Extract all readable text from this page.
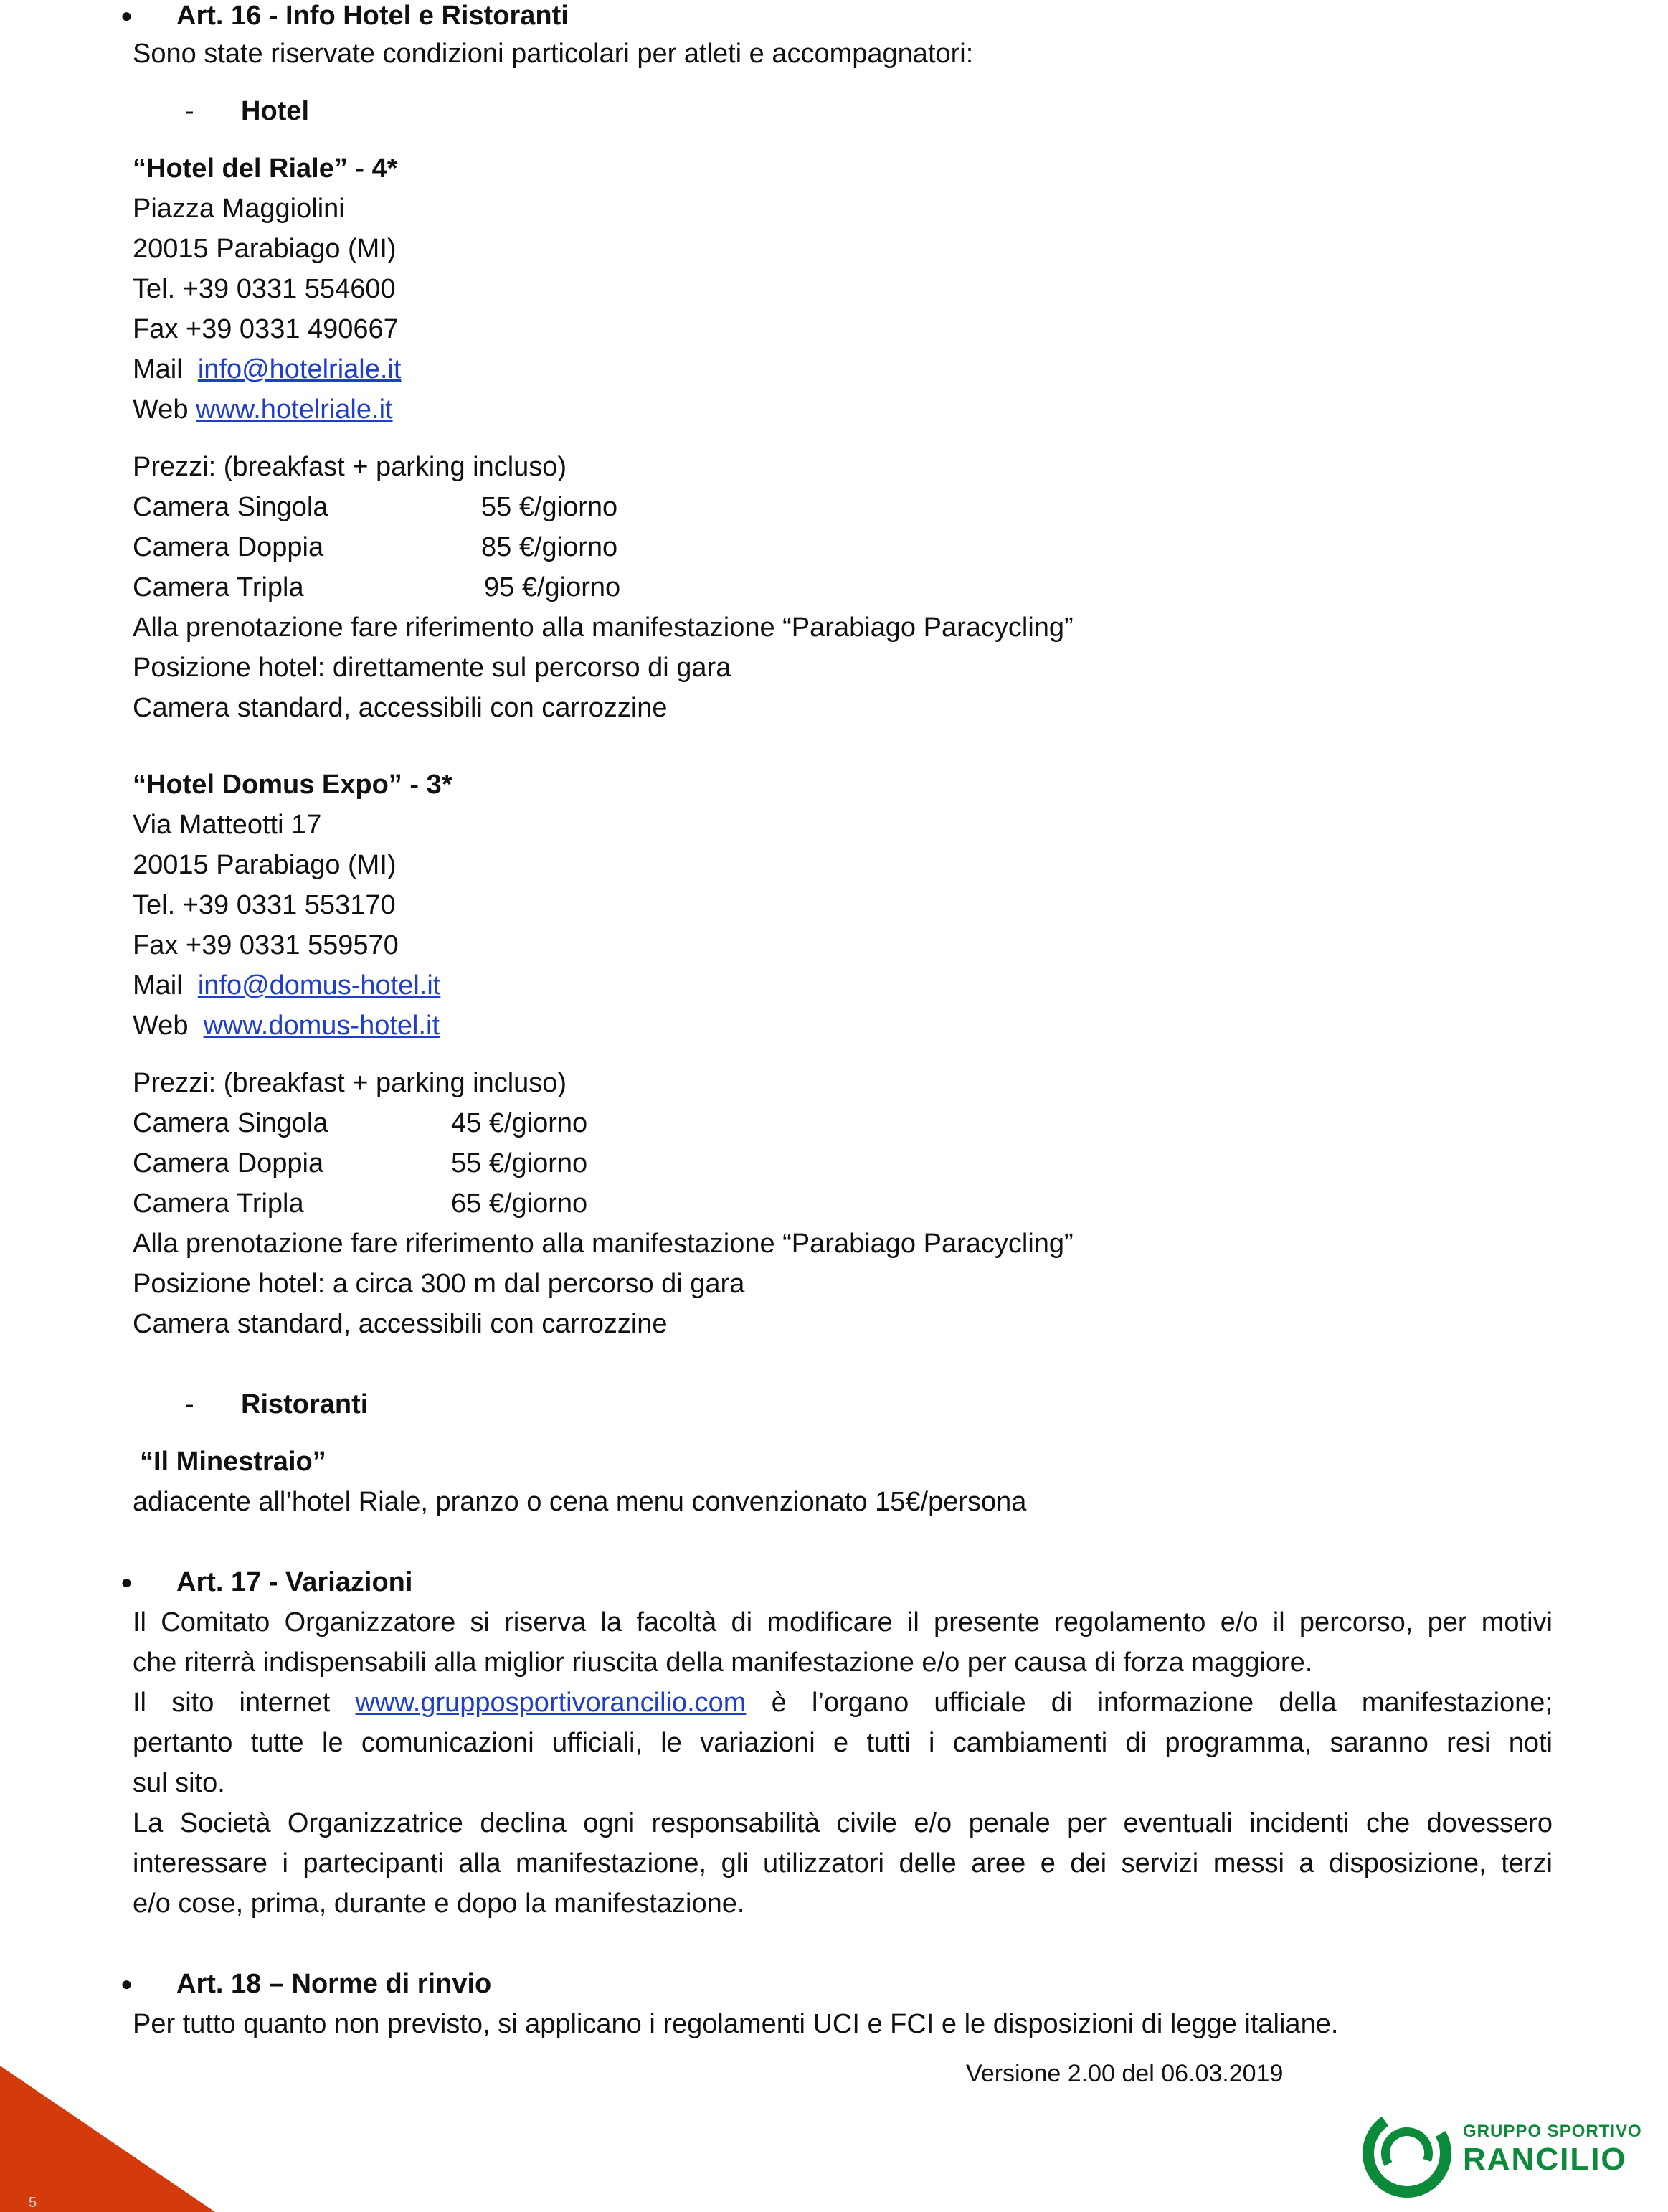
● Art. 16 - Info Hotel e Ristoranti
Sono state riservate condizioni particolari per atleti e accompagnatori:
- Hotel
“Hotel del Riale” - 4*
Piazza Maggiolini
20015 Parabiago (MI)
Tel. +39 0331 554600
Fax +39 0331 490667
Mail info@hotelriale.it
Web www.hotelriale.it
Prezzi: (breakfast + parking incluso)
Camera Singola	55 €/giorno
Camera Doppia	85 €/giorno
Camera Tripla	95 €/giorno
Alla prenotazione fare riferimento alla manifestazione “Parabiago Paracycling”
Posizione hotel: direttamente sul percorso di gara
Camera standard, accessibili con carrozzine
“Hotel Domus Expo” - 3*
Via Matteotti 17
20015 Parabiago (MI)
Tel. +39 0331 553170
Fax +39 0331 559570
Mail info@domus-hotel.it
Web www.domus-hotel.it
Prezzi: (breakfast + parking incluso)
Camera Singola	45 €/giorno
Camera Doppia	55 €/giorno
Camera Tripla	65 €/giorno
Alla prenotazione fare riferimento alla manifestazione “Parabiago Paracycling”
Posizione hotel: a circa 300 m dal percorso di gara
Camera standard, accessibili con carrozzine
- Ristoranti
“Il Minestraio”
adiacente all’hotel Riale, pranzo o cena menu convenzionato 15€/persona
● Art. 17 - Variazioni
Il Comitato Organizzatore si riserva la facoltà di modificare il presente regolamento e/o il percorso, per motivi
che riterrà indispensabili alla miglior riuscita della manifestazione e/o per causa di forza maggiore.
Il sito internet www.grupposportivorancilio.com è l’organo ufficiale di informazione della manifestazione;
pertanto tutte le comunicazioni ufficiali, le variazioni e tutti i cambiamenti di programma, saranno resi noti
sul sito.
La Società Organizzatrice declina ogni responsabilità civile e/o penale per eventuali incidenti che dovessero
interessare i partecipanti alla manifestazione, gli utilizzatori delle aree e dei servizi messi a disposizione, terzi
e/o cose, prima, durante e dopo la manifestazione.
● Art. 18 – Norme di rinvio
Per tutto quanto non previsto, si applicano i regolamenti UCI e FCI e le disposizioni di legge italiane.
Versione 2.00 del 06.03.2019
GRUPPO SPORTIVO
RANCILIO
5
